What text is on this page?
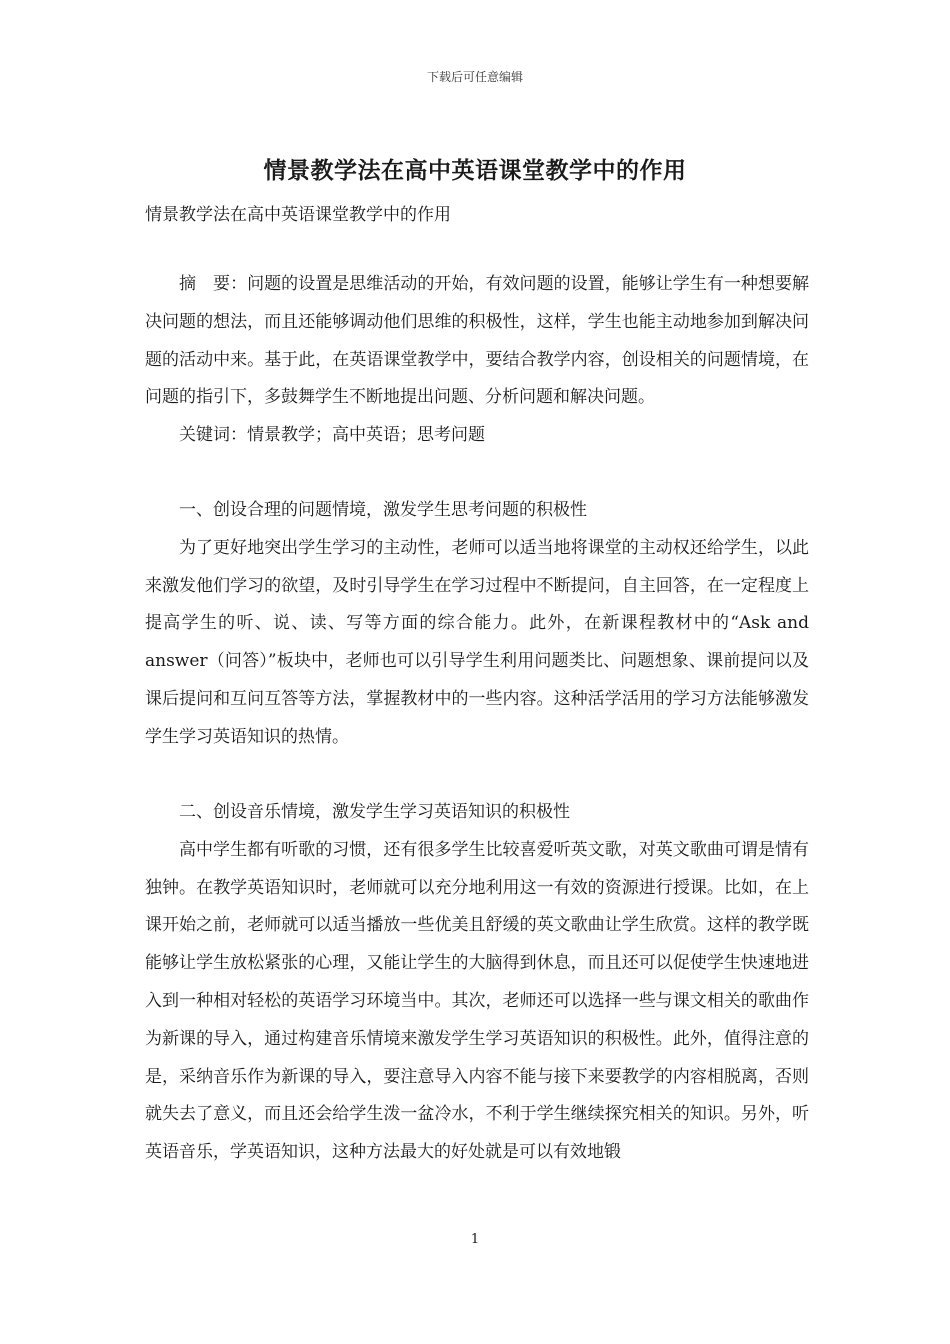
下载后可任意编辑
情景教学法在高中英语课堂教学中的作用
情景教学法在高中英语课堂教学中的作用

摘　要：问题的设置是思维活动的开始，有效问题的设置，能够让学生有一种想要解决问题的想法，而且还能够调动他们思维的积极性，这样，学生也能主动地参加到解决问题的活动中来。基于此，在英语课堂教学中，要结合教学内容，创设相关的问题情境，在问题的指引下，多鼓舞学生不断地提出问题、分析问题和解决问题。

关键词：情景教学；高中英语；思考问题

一、创设合理的问题情境，激发学生思考问题的积极性

为了更好地突出学生学习的主动性，老师可以适当地将课堂的主动权还给学生，以此来激发他们学习的欲望，及时引导学生在学习过程中不断提问，自主回答，在一定程度上提高学生的听、说、读、写等方面的综合能力。此外，在新课程教材中的“Ask and answer（问答）”板块中，老师也可以引导学生利用问题类比、问题想象、课前提问以及课后提问和互问互答等方法，掌握教材中的一些内容。这种活学活用的学习方法能够激发学生学习英语知识的热情。

二、创设音乐情境，激发学生学习英语知识的积极性

高中学生都有听歌的习惯，还有很多学生比较喜爱听英文歌，对英文歌曲可谓是情有独钟。在教学英语知识时，老师就可以充分地利用这一有效的资源进行授课。比如，在上课开始之前，老师就可以适当播放一些优美且舒缓的英文歌曲让学生欣赏。这样的教学既能够让学生放松紧张的心理，又能让学生的大脑得到休息，而且还可以促使学生快速地进入到一种相对轻松的英语学习环境当中。其次，老师还可以选择一些与课文相关的歌曲作为新课的导入，通过构建音乐情境来激发学生学习英语知识的积极性。此外，值得注意的是，采纳音乐作为新课的导入，要注意导入内容不能与接下来要教学的内容相脱离，否则就失去了意义，而且还会给学生泼一盆冷水，不利于学生继续探究相关的知识。另外，听英语音乐，学英语知识，这种方法最大的好处就是可以有效地锻

1
